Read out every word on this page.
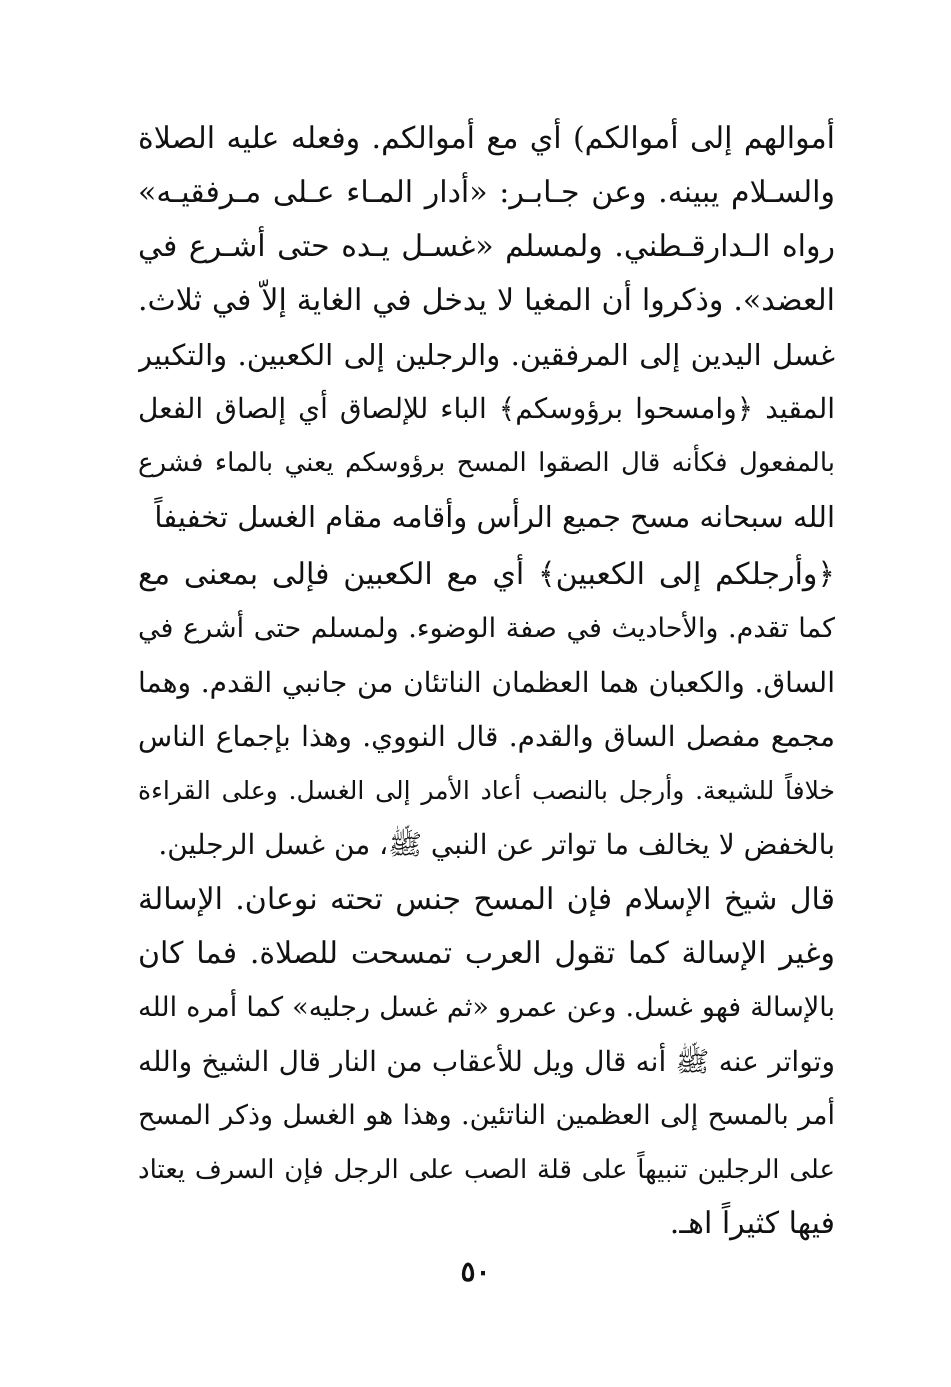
أموالهم إلى أموالكم) أي مع أموالكم. وفعله عليه الصلاة
والسـلام يبينه. وعن جـابـر: «أدار المـاء عـلى مـرفقيـه»
رواه الـدارقـطني. ولمسلم «غسـل يـده حتى أشـرع في
العضد». وذكروا أن المغيا لا يدخل في الغاية إلاّ في ثلاث.
غسل اليدين إلى المرفقين. والرجلين إلى الكعبين. والتكبير
المقيد ﴿وامسحوا برؤوسكم﴾ الباء للإلصاق أي إلصاق الفعل
بالمفعول فكأنه قال الصقوا المسح برؤوسكم يعني بالماء فشرع
الله سبحانه مسح جميع الرأس وأقامه مقام الغسل تخفيفاً
﴿وأرجلكم إلى الكعبين﴾ أي مع الكعبين فإلى بمعنى مع
كما تقدم. والأحاديث في صفة الوضوء. ولمسلم حتى أشرع في
الساق. والكعبان هما العظمان الناتئان من جانبي القدم. وهما
مجمع مفصل الساق والقدم. قال النووي. وهذا بإجماع الناس
خلافاً للشيعة. وأرجل بالنصب أعاد الأمر إلى الغسل. وعلى القراءة
بالخفض لا يخالف ما تواتر عن النبي ﷺ، من غسل الرجلين.
قال شيخ الإسلام فإن المسح جنس تحته نوعان. الإسالة
وغير الإسالة كما تقول العرب تمسحت للصلاة. فما كان
بالإسالة فهو غسل. وعن عمرو «ثم غسل رجليه» كما أمره الله
وتواتر عنه ﷺ أنه قال ويل للأعقاب من النار قال الشيخ والله
أمر بالمسح إلى العظمين الناتئين. وهذا هو الغسل وذكر المسح
على الرجلين تنبيهاً على قلة الصب على الرجل فإن السرف يعتاد
فيها كثيراً اهـ.
٥٠
